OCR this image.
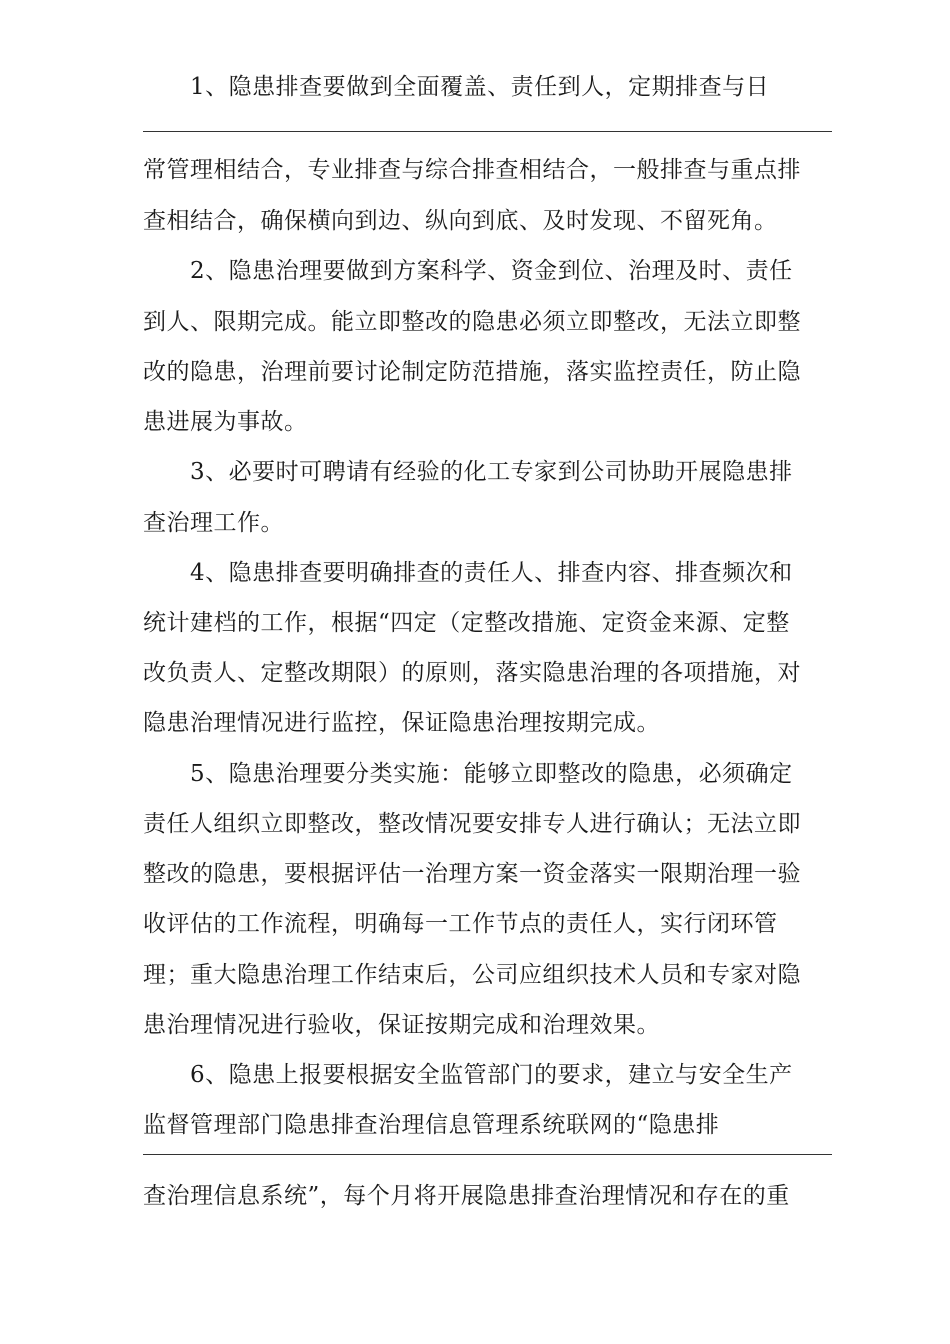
1、隐患排查要做到全面覆盖、责任到人，定期排查与日
常管理相结合，专业排查与综合排查相结合，一般排查与重点排
查相结合，确保横向到边、纵向到底、及时发现、不留死角。
2、隐患治理要做到方案科学、资金到位、治理及时、责任
到人、限期完成。能立即整改的隐患必须立即整改，无法立即整
改的隐患，治理前要讨论制定防范措施，落实监控责任，防止隐
患进展为事故。
3、必要时可聘请有经验的化工专家到公司协助开展隐患排
查治理工作。
4、隐患排查要明确排查的责任人、排查内容、排查频次和
统计建档的工作，根据“四定（定整改措施、定资金来源、定整
改负责人、定整改期限）的原则，落实隐患治理的各项措施，对
隐患治理情况进行监控，保证隐患治理按期完成。
5、隐患治理要分类实施：能够立即整改的隐患，必须确定
责任人组织立即整改，整改情况要安排专人进行确认；无法立即
整改的隐患，要根据评估一治理方案一资金落实一限期治理一验
收评估的工作流程，明确每一工作节点的责任人，实行闭环管
理；重大隐患治理工作结束后，公司应组织技术人员和专家对隐
患治理情况进行验收，保证按期完成和治理效果。
6、隐患上报要根据安全监管部门的要求，建立与安全生产
监督管理部门隐患排查治理信息管理系统联网的“隐患排
查治理信息系统”，每个月将开展隐患排查治理情况和存在的重
